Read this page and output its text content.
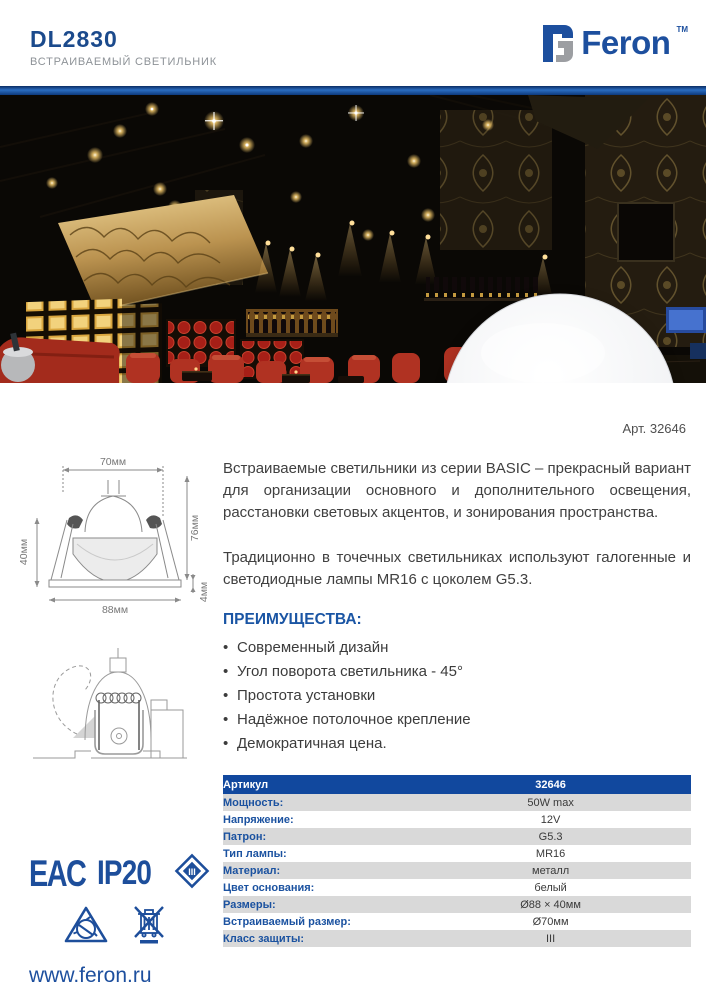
DL2830
ВСТРАИВАЕМЫЙ СВЕТИЛЬНИК
Feron TM
Арт. 32646
70мм
76мм
40мм
88мм
4мм
EAC IP20	III
www.feron.ru

Встраиваемые светильники из серии BASIC – прекрасный вариант для организации основного и дополнительного освещения, расстановки световых акцентов, и зонирования пространства.

Традиционно в точечных светильниках используют галогенные и светодиодные лампы MR16 с цоколем G5.3.

ПРЕИМУЩЕСТВА:
• Современный дизайн
• Угол поворота светильника - 45°
• Простота установки
• Надёжное потолочное крепление
• Демократичная цена.
Артикул	32646
Мощность:	50W max
Напряжение:	12V
Патрон:	G5.3
Тип лампы:	MR16
Материал:	металл
Цвет основания:	белый
Размеры:	Ø88 × 40мм
Встраиваемый размер:	Ø70мм
Класс защиты:	III
